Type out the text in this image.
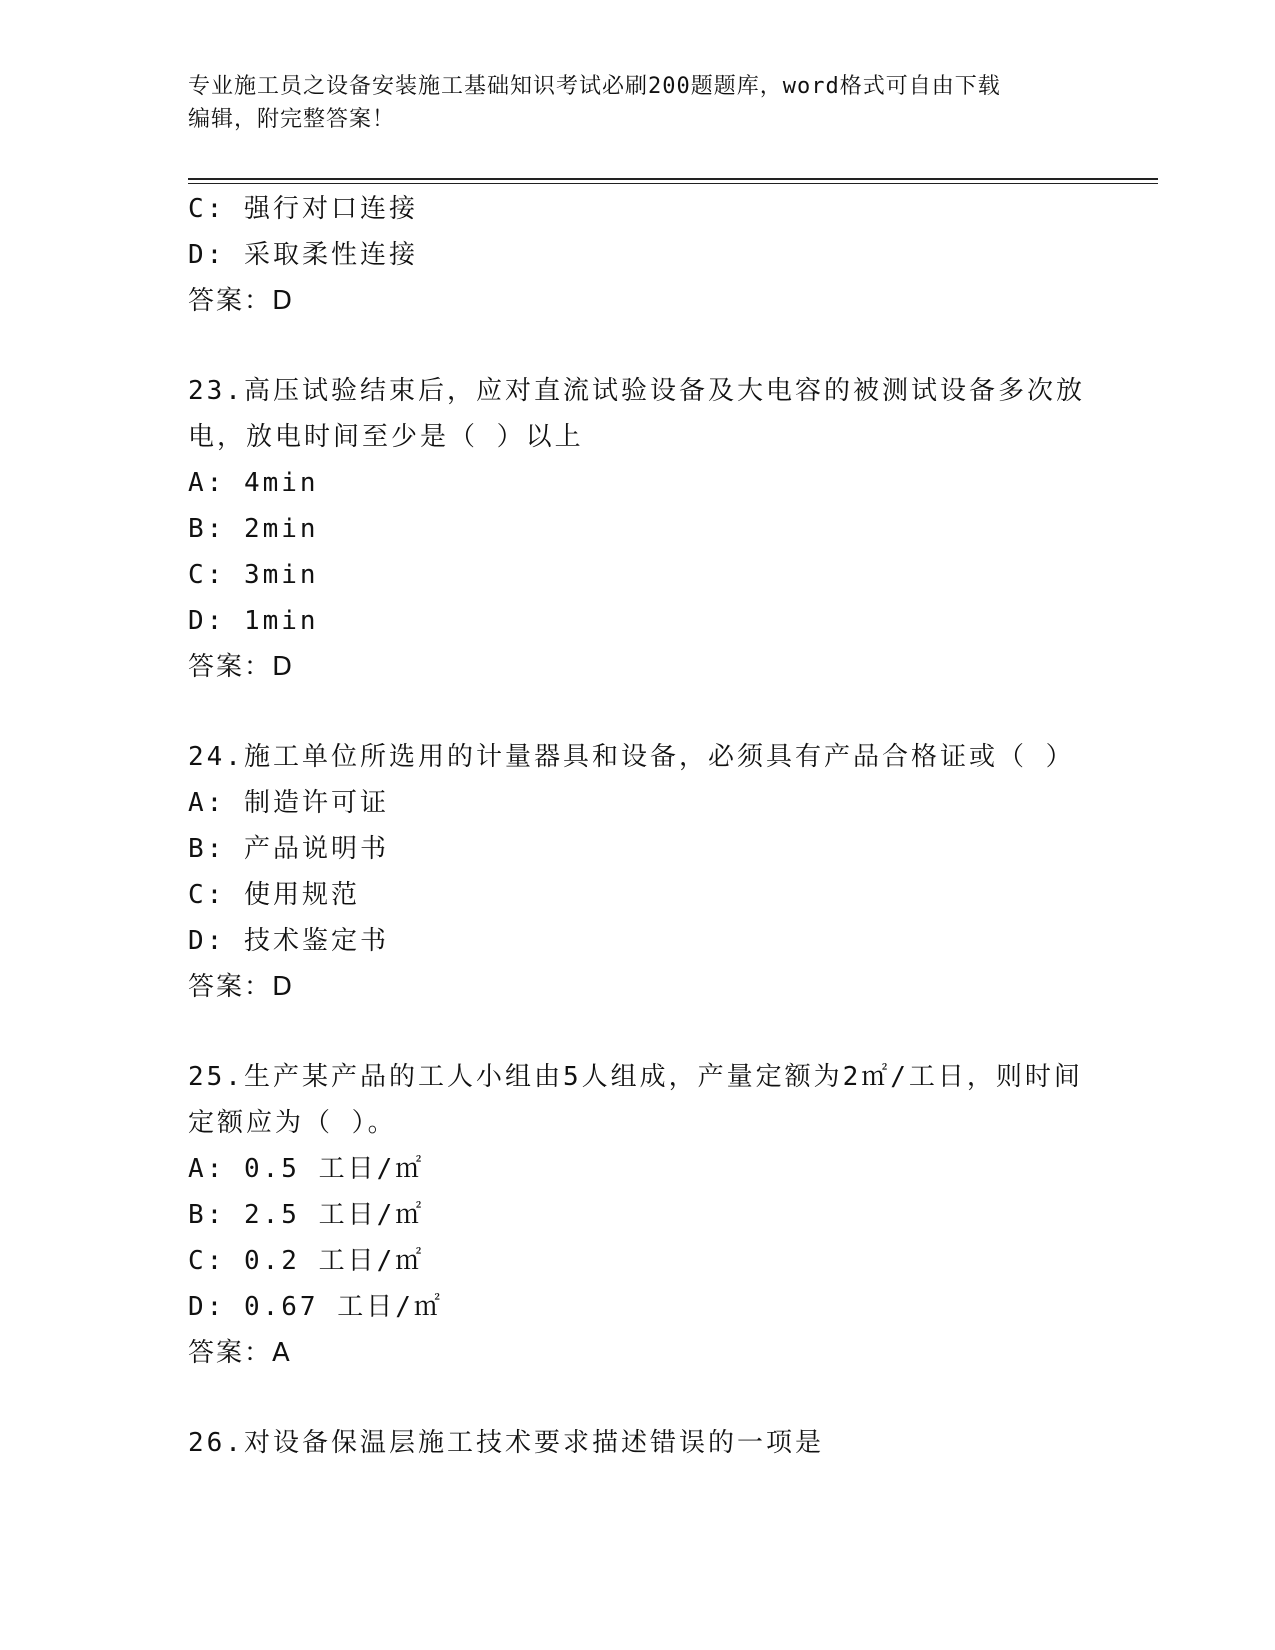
专业施工员之设备安装施工基础知识考试必刷200题题库，word格式可自由下载
编辑，附完整答案！
C: 强行对口连接
D: 采取柔性连接
答案：D
23.高压试验结束后，应对直流试验设备及大电容的被测试设备多次放
电，放电时间至少是（ ）以上
A: 4min
B: 2min
C: 3min
D: 1min
答案：D
24.施工单位所选用的计量器具和设备，必须具有产品合格证或（ ）
A: 制造许可证
B: 产品说明书
C: 使用规范
D: 技术鉴定书
答案：D
25.生产某产品的工人小组由5人组成，产量定额为2㎡/工日，则时间
定额应为（ ）。
A: 0.5 工日/㎡
B: 2.5 工日/㎡
C: 0.2 工日/㎡
D: 0.67 工日/㎡
答案：A
26.对设备保温层施工技术要求描述错误的一项是
